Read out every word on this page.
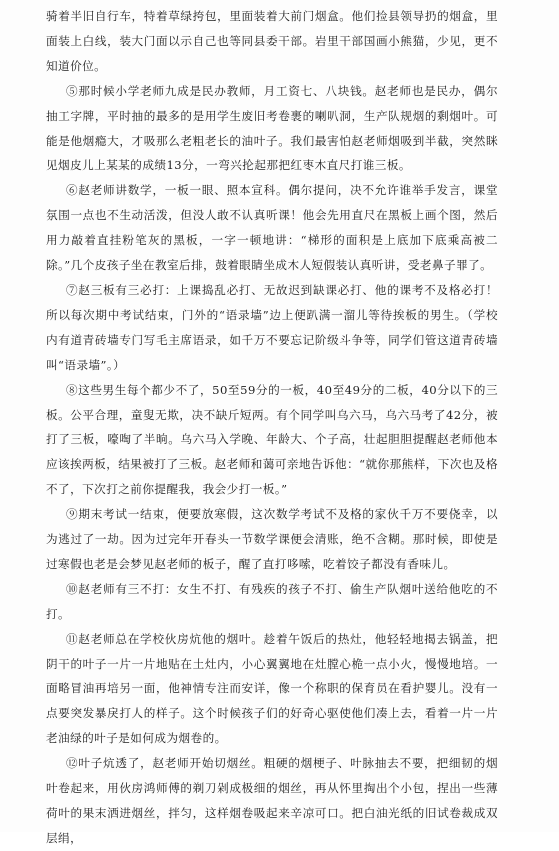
骑着半旧自行车，特着草绿挎包，里面装着大前门烟盒。他们捡县领导扔的烟盒，里面装上白线，装大门面以示自己也等同县委干部。岩里干部国画小熊猫，少见，更不知道价位。

⑤那时候小学老师九成是民办教师，月工资七、八块钱。赵老师也是民办，偶尔抽工字牌，平时抽的最多的是用学生废旧考卷裹的喇叭洞，生产队规烟的剩烟叶。可能是他烟瘾大，才吸那么老粗老长的油叶子。我们最害怕赵老师烟吸到半截，突然眯见烟皮儿上某某的成绩13分，一弯兴抡起那把红枣木直尺打谁三板。

⑥赵老师讲数学，一板一眼、照本宣科。偶尔提问，决不允许谁举手发言，课堂氛围一点也不生动活泼，但没人敢不认真听课！他会先用直尺在黑板上画个图，然后用力敲着直挂粉笔灰的黑板，一字一顿地讲：“梯形的面积是上底加下底乘高被二除。”几个皮孩子坐在教室后排，鼓着眼睛坐成木人短假装认真听讲，受老鼻子罪了。

⑦赵三板有三必打：上课捣乱必打、无故迟到缺课必打、他的课考不及格必打！所以每次期中考试结束，门外的“语录墙”边上便趴满一溜儿等待挨板的男生。（学校内有道青砖墙专门写毛主席语录，如千万不要忘记阶级斗争等，同学们管这道青砖墙叫“语录墙”。）

⑧这些男生每个都少不了，50至59分的一板，40至49分的二板，40分以下的三板。公平合理，童叟无欺，决不缺斤短两。有个同学叫乌六马，乌六马考了42分，被打了三板，嚎啕了半晌。乌六马入学晚、年龄大、个子高，壮起胆胆提醒赵老师他本应该挨两板，结果被打了三板。赵老师和蔼可亲地告诉他：“就你那熊样，下次也及格不了，下次打之前你提醒我，我会少打一板。”

⑨期末考试一结束，便要放寒假，这次数学考试不及格的家伙千万不要侥幸，以为逃过了一劫。因为过完年开春头一节数学课便会清账，绝不含糊。那时候，即使是过寒假也老是会梦见赵老师的板子，醒了直打哆嗦，吃着饺子都没有香味儿。

⑩赵老师有三不打：女生不打、有残疾的孩子不打、偷生产队烟叶送给他吃的不打。

⑪赵老师总在学校伙房炕他的烟叶。趁着午饭后的热灶，他轻轻地揭去锅盖，把阴干的叶子一片一片地贴在土灶内，小心翼翼地在灶膛心桅一点小火，慢慢地培。一面略冒油再培另一面，他神情专注而安详，像一个称职的保育员在看护婴儿。没有一点要突发暴戾打人的样子。这个时候孩子们的好奇心驱使他们凑上去，看着一片一片老油绿的叶子是如何成为烟卷的。

⑫叶子炕透了，赵老师开始切烟丝。粗硬的烟梗子、叶脉抽去不要，把细韧的烟叶卷起来，用伙房鸿师傅的剃刀剁成极细的烟丝，再从怀里掏出个小包，捏出一些薄荷叶的果末洒进烟丝，拌匀，这样烟卷吸起来辛凉可口。把白油光纸的旧试卷裁成双层绢，
